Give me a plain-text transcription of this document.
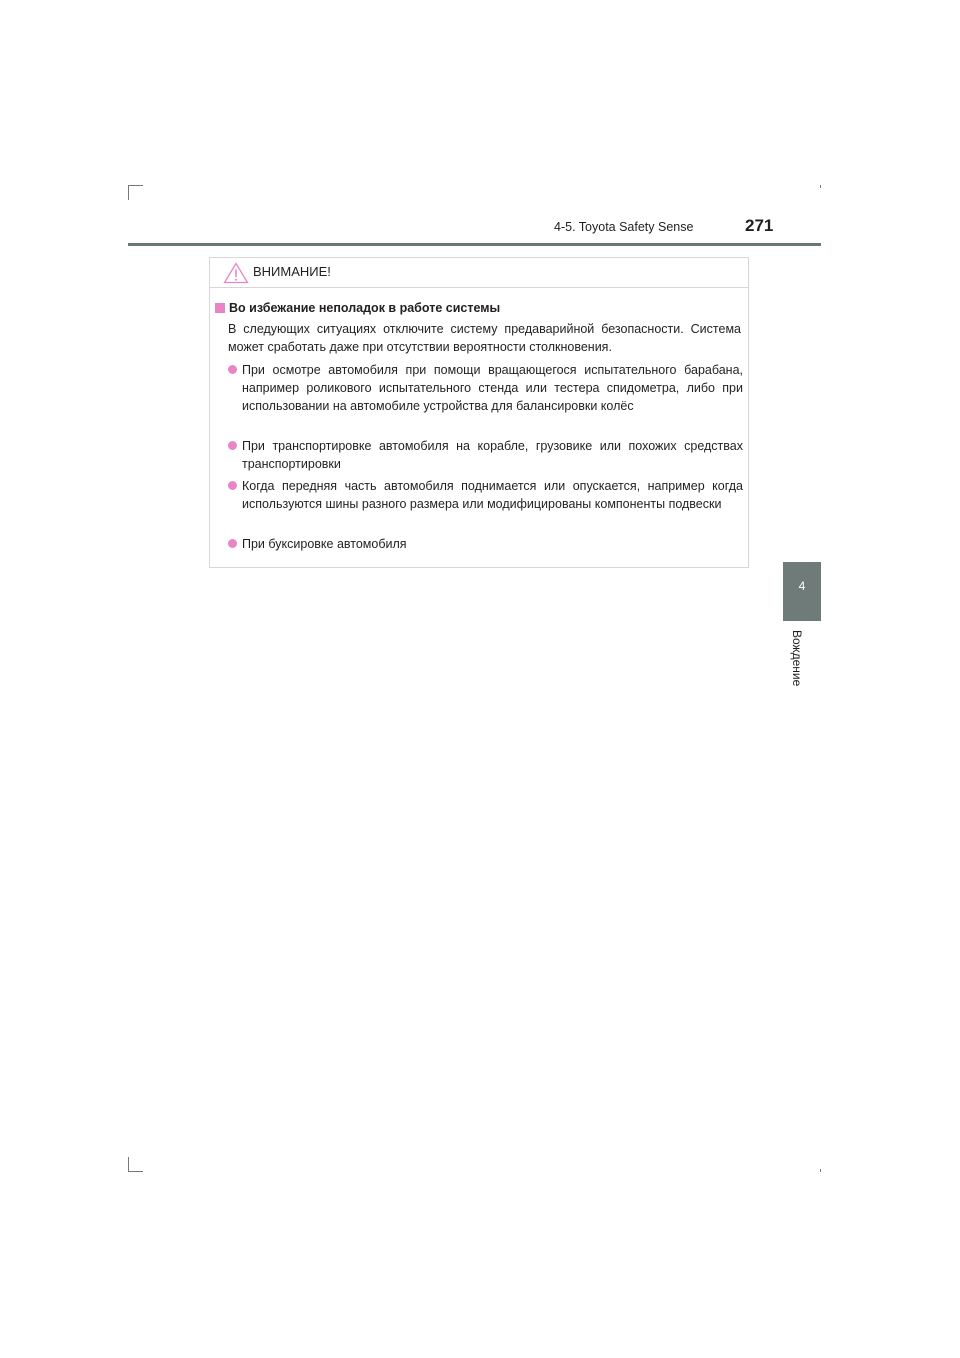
4-5. Toyota Safety Sense	271
4
Вождение
ВНИМАНИЕ!
Во избежание неполадок в работе системы
В следующих ситуациях отключите систему предаварийной безопасности. Система может сработать даже при отсутствии вероятности столкновения.
При осмотре автомобиля при помощи вращающегося испытательного барабана, например роликового испытательного стенда или тестера спидометра, либо при использовании на автомобиле устройства для балансировки колёс
При транспортировке автомобиля на корабле, грузовике или похожих средствах транспортировки
Когда передняя часть автомобиля поднимается или опускается, например когда используются шины разного размера или модифицированы компоненты подвески
При буксировке автомобиля
